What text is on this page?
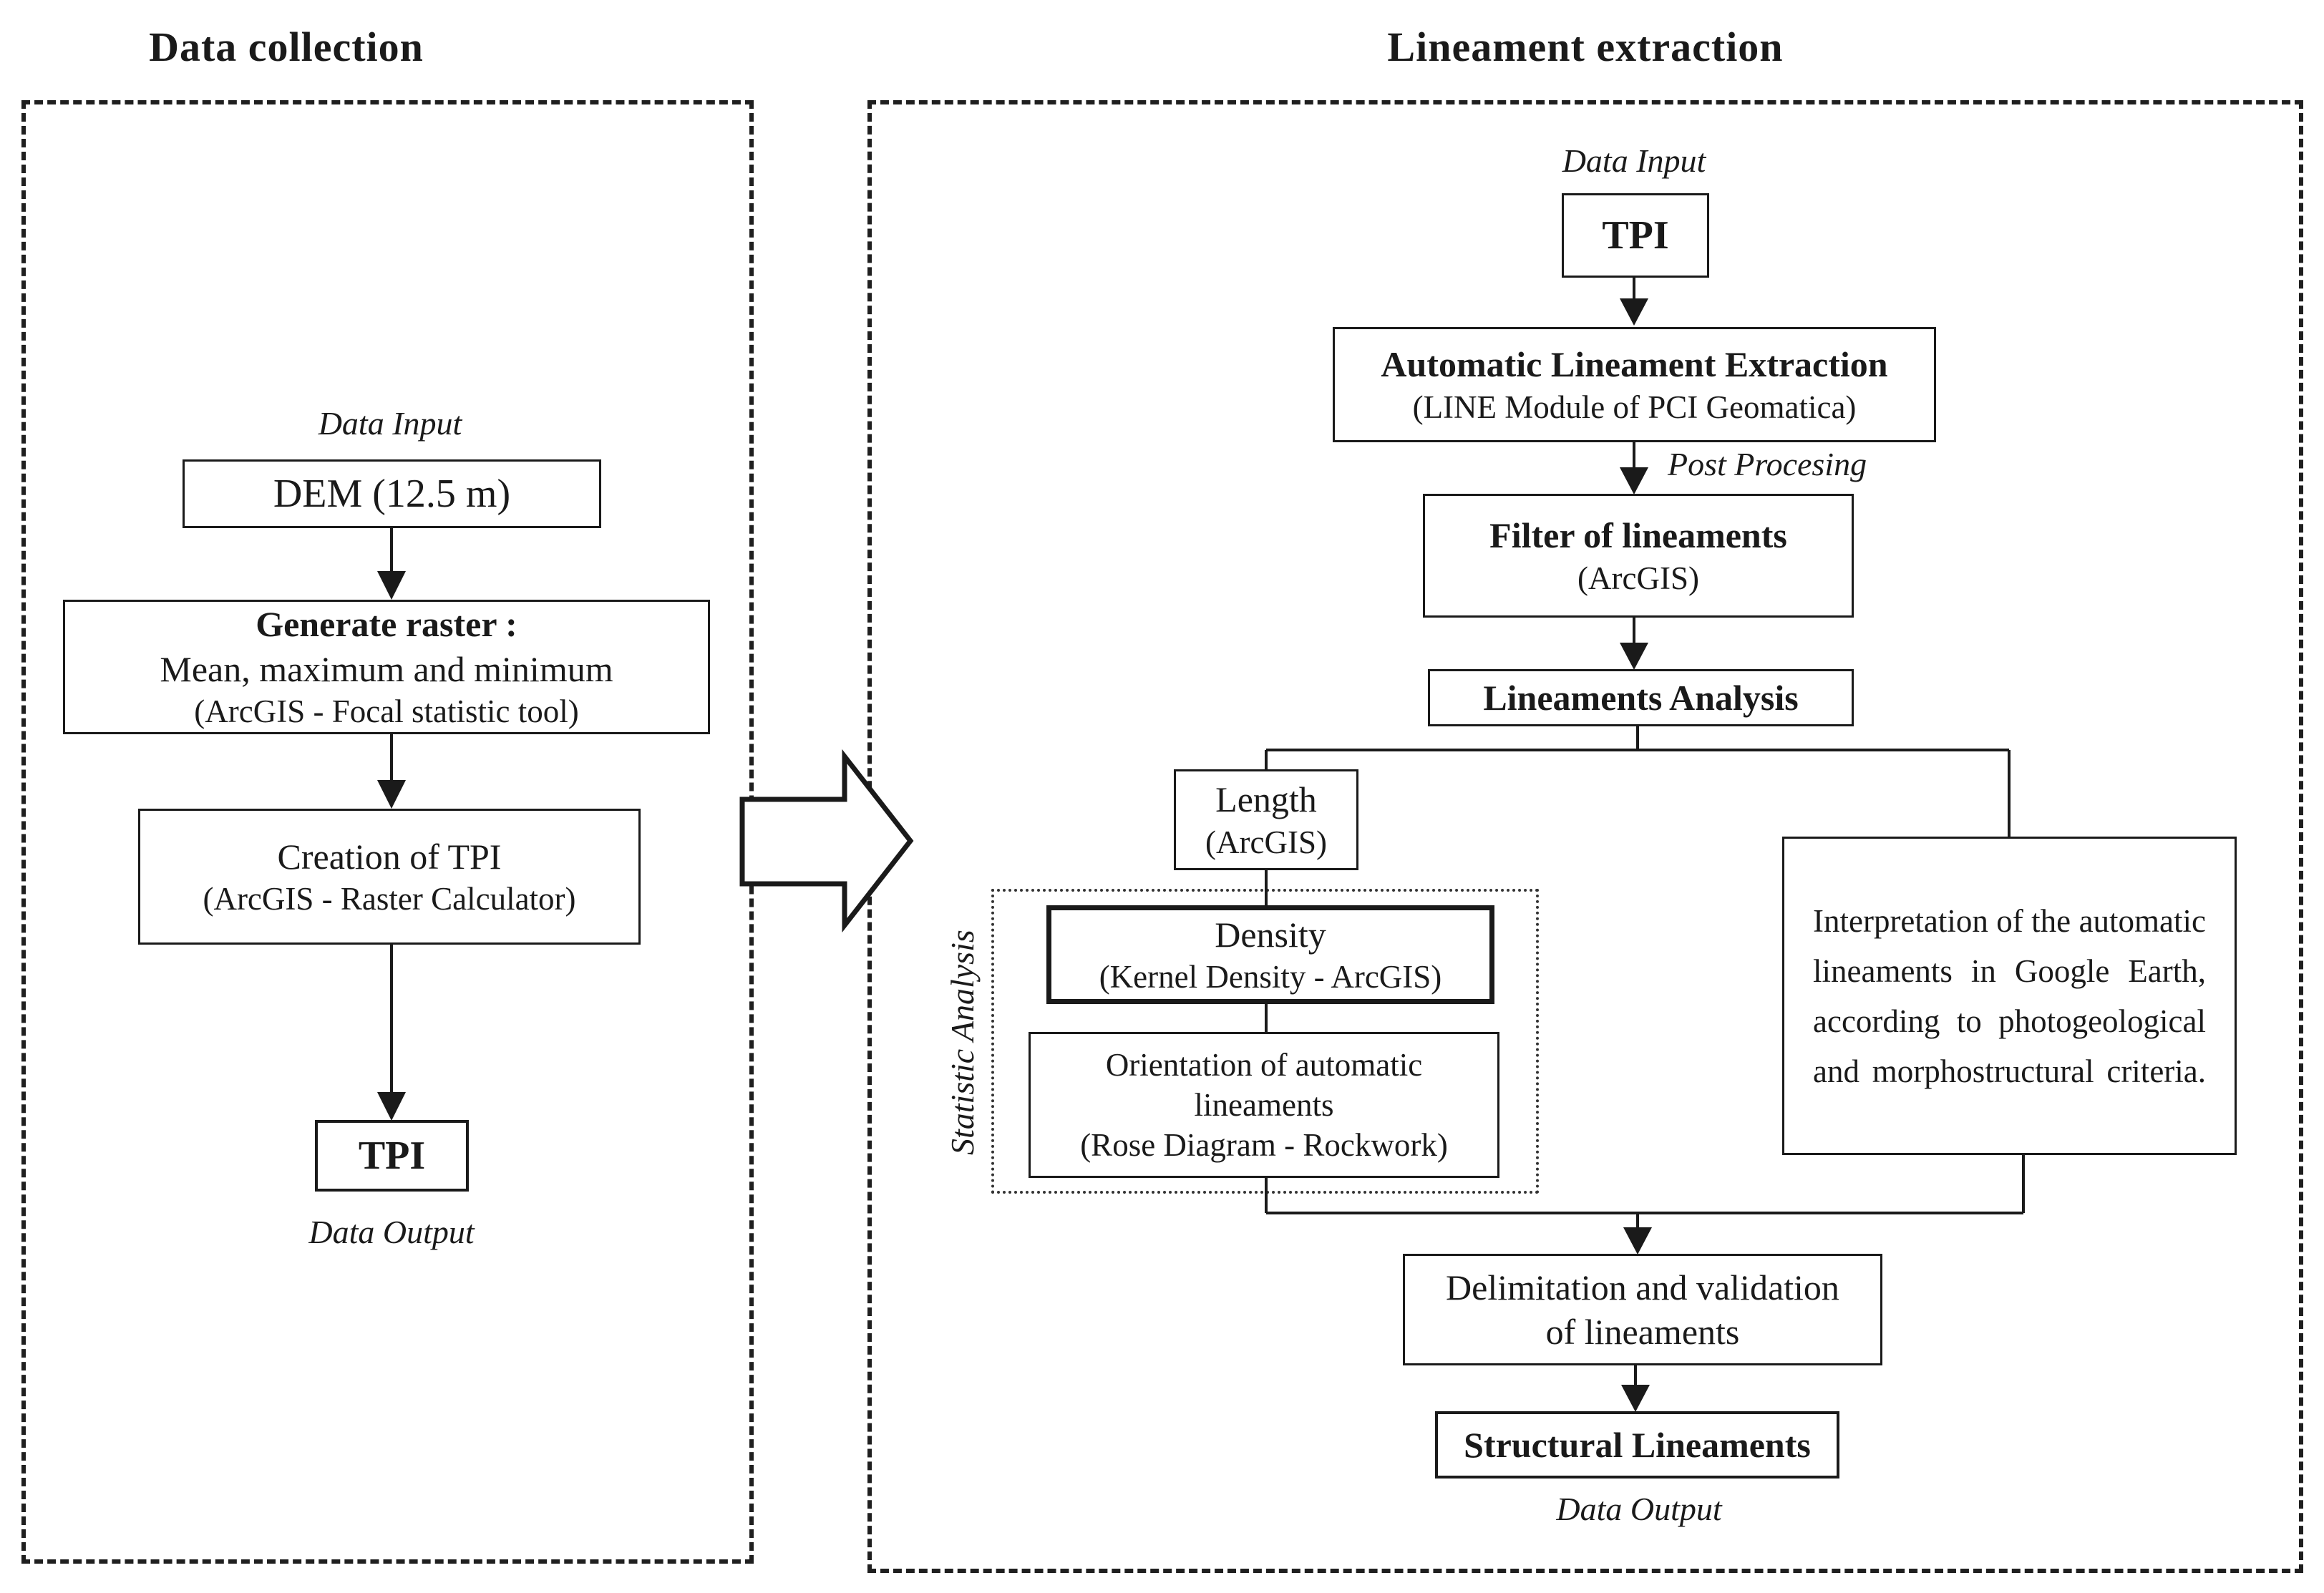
Data collection	Lineament extraction
Data Input
DEM (12.5 m)
Generate raster :
Mean, maximum and minimum
(ArcGIS - Focal statistic tool)
Creation of TPI
(ArcGIS - Raster Calculator)
TPI
Data Output
Data Input
TPI
Automatic Lineament Extraction
(LINE Module of PCI Geomatica)
Post Procesing
Filter of lineaments
(ArcGIS)
Lineaments Analysis
Length
(ArcGIS)
Statistic Analysis	Density
(Kernel Density - ArcGIS)
Orientation of automatic
lineaments
(Rose Diagram - Rockwork)
Interpretation of the automatic
lineaments in Google Earth,
according to photogeological
and morphostructural criteria.
Delimitation and validation
of lineaments
Structural Lineaments
Data Output
